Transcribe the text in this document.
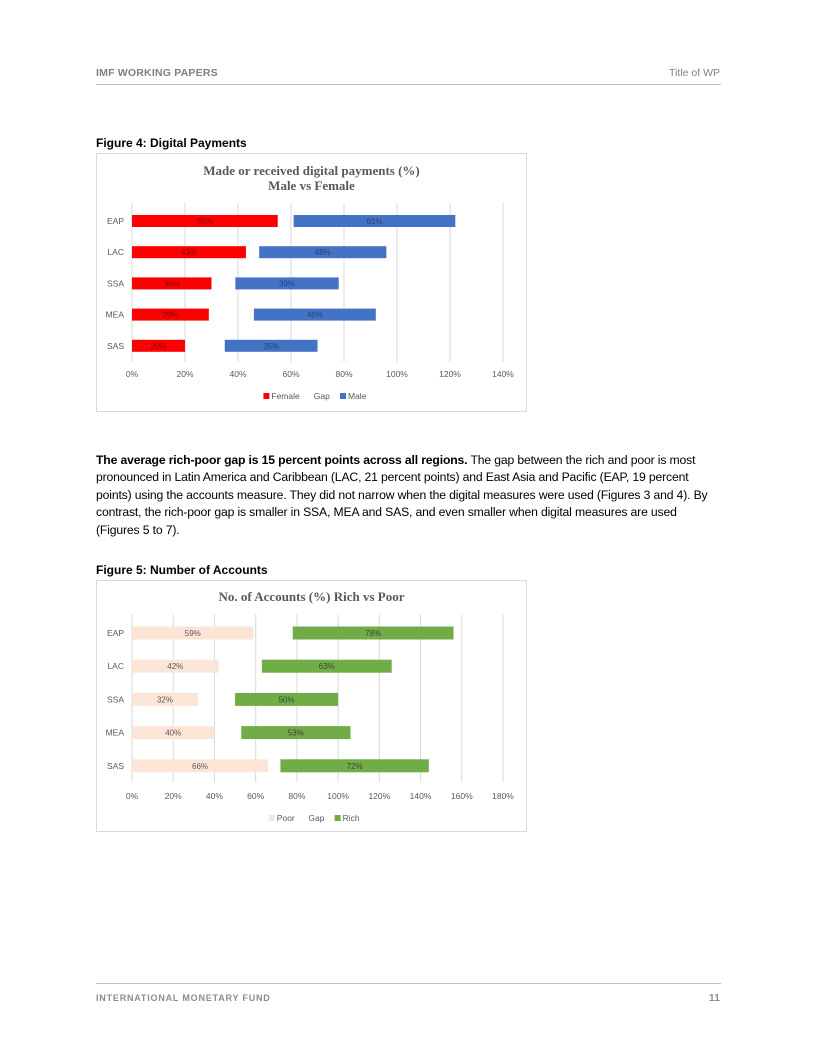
IMF WORKING PAPERS	Title of WP
Figure 4: Digital Payments
Made or received digital payments (%)
Male vs Female
0%	20%	40%	60%	80%	100%	120%	140%
EAP	55%	61%
LAC	43%	48%
SSA	30%	39%
MEA	29%	46%
SAS	20%	35%
Female Gap Male
The average rich-poor gap is 15 percent points across all regions. The gap between the rich and poor is most pronounced in Latin America and Caribbean (LAC, 21 percent points) and East Asia and Pacific (EAP, 19 percent points) using the accounts measure. They did not narrow when the digital measures were used (Figures 3 and 4). By contrast, the rich-poor gap is smaller in SSA, MEA and SAS, and even smaller when digital measures are used (Figures 5 to 7).
Figure 5: Number of Accounts
No. of Accounts (%) Rich vs Poor
0%	20%	40%	60%	80%	100% 120% 140% 160% 180%
EAP	59%	78%
LAC	42%	63%
SSA	32%	50%
MEA	40%	53%
SAS	66%	72%
Poor Gap Rich
INTERNATIONAL MONETARY FUND	11
